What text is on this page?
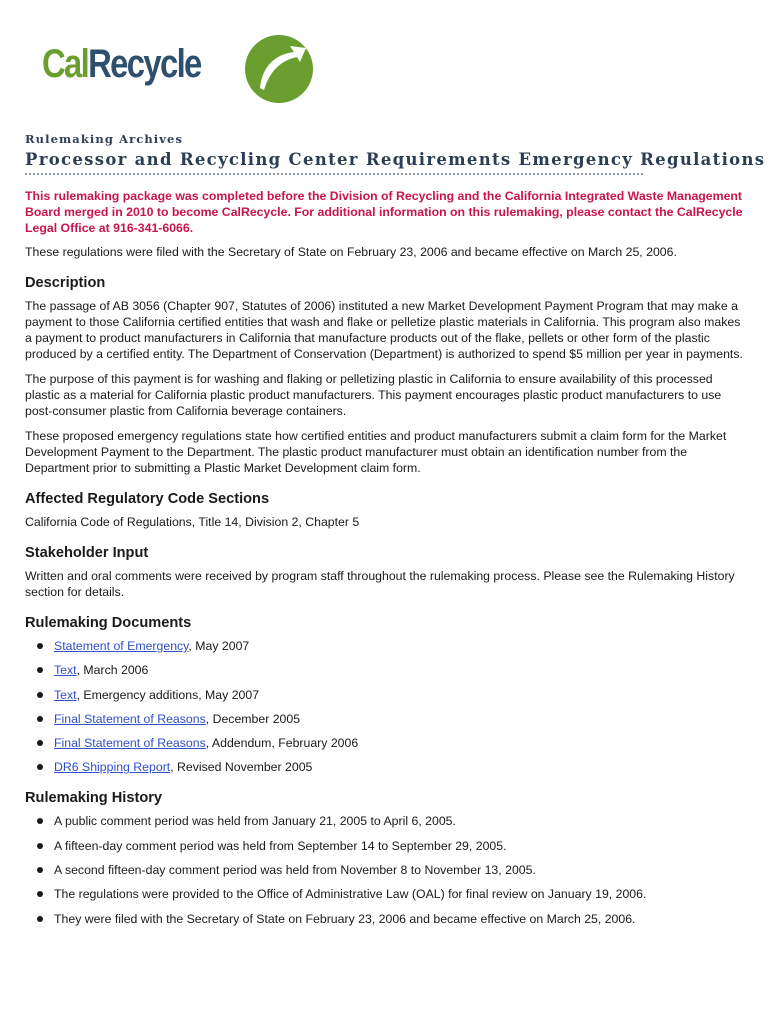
CalRecycle
Rulemaking Archives
Processor and Recycling Center Requirements Emergency Regulations

This rulemaking package was completed before the Division of Recycling and the California Integrated Waste Management Board merged in 2010 to become CalRecycle. For additional information on this rulemaking, please contact the CalRecycle Legal Office at 916-341-6066.

These regulations were filed with the Secretary of State on February 23, 2006 and became effective on March 25, 2006.

Description

The passage of AB 3056 (Chapter 907, Statutes of 2006) instituted a new Market Development Payment Program that may make a payment to those California certified entities that wash and flake or pelletize plastic materials in California. This program also makes a payment to product manufacturers in California that manufacture products out of the flake, pellets or other form of the plastic produced by a certified entity. The Department of Conservation (Department) is authorized to spend $5 million per year in payments.

The purpose of this payment is for washing and flaking or pelletizing plastic in California to ensure availability of this processed plastic as a material for California plastic product manufacturers. This payment encourages plastic product manufacturers to use post-consumer plastic from California beverage containers.

These proposed emergency regulations state how certified entities and product manufacturers submit a claim form for the Market Development Payment to the Department. The plastic product manufacturer must obtain an identification number from the Department prior to submitting a Plastic Market Development claim form.

Affected Regulatory Code Sections

California Code of Regulations, Title 14, Division 2, Chapter 5

Stakeholder Input

Written and oral comments were received by program staff throughout the rulemaking process. Please see the Rulemaking History section for details.

Rulemaking Documents
Statement of Emergency, May 2007
Text, March 2006
Text, Emergency additions, May 2007
Final Statement of Reasons, December 2005
Final Statement of Reasons, Addendum, February 2006
DR6 Shipping Report, Revised November 2005
Rulemaking History
A public comment period was held from January 21, 2005 to April 6, 2005.
A fifteen-day comment period was held from September 14 to September 29, 2005.
A second fifteen-day comment period was held from November 8 to November 13, 2005.
The regulations were provided to the Office of Administrative Law (OAL) for final review on January 19, 2006.
They were filed with the Secretary of State on February 23, 2006 and became effective on March 25, 2006.
